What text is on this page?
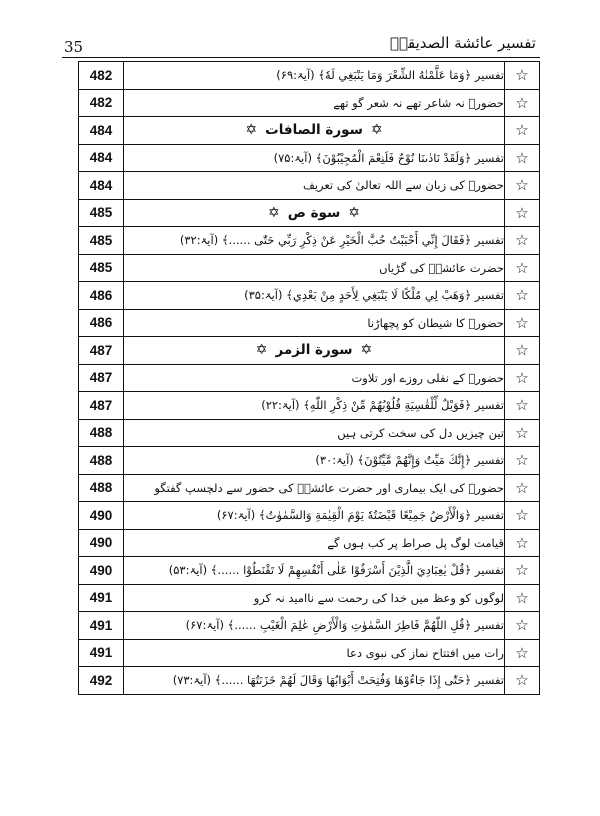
35	تفسیر عائشة الصدیقہؓ
482	تفسیر ﴿وَمَا عَلَّمْنٰهُ الشِّعْرَ وَمَا يَنْبَغِي لَهٗ﴾ (آیۃ:۶۹)	☆
482	حضورؐ نہ شاعر تھے نہ شعر گو تھے	☆
484	✡سورة الصافات✡	☆
484	تفسیر ﴿وَلَقَدْ نَادٰىنَا نُوْحٌ فَلَنِعْمَ الْمُجِيْبُوْنَ﴾ (آیۃ:۷۵)	☆
484	حضورؐ کی زبان سے اللہ تعالیٰ کی تعریف	☆
485	✡سوة ص✡	☆
485	تفسیر ﴿فَقَالَ إِنِّي أَحْبَبْتُ حُبَّ الْخَيْرِ عَنْ ذِكْرِ رَبِّي حَتّٰى ......﴾ (آیۃ:۳۲)	☆
485	حضرت عائشہؓ کی گڑیاں	☆
486	تفسیر ﴿وَهَبْ لِي مُلْكًا لَا يَنْبَغِي لِأَحَدٍ مِنْ بَعْدِي﴾ (آیۃ:۳۵)	☆
486	حضورؐ کا شیطان کو پچھاڑنا	☆
487	✡سورة الزمر✡	☆
487	حضورؐ کے نفلی روزے اور تلاوت	☆
487	تفسیر ﴿فَوَيْلٌ لِّلْقٰسِيَةِ قُلُوْبُهُمْ مِّنْ ذِكْرِ اللّٰهِ﴾ (آیۃ:۲۲)	☆
488	تین چیزیں دل کی سخت کرتی ہیں	☆
488	تفسیر ﴿إِنَّكَ مَيِّتٌ وَإِنَّهُمْ مَّيِّتُوْنَ﴾ (آیۃ:۳۰)	☆
488	حضورؐ کی ایک بیماری اور حضرت عائشہؓ کی حضور سے دلچسپ گفتگو	☆
490	تفسیر ﴿وَالْأَرْضُ جَمِيْعًا قَبْضَتُهٗ يَوْمَ الْقِيٰمَةِ وَالسَّمٰوٰتُ﴾ (آیۃ:۶۷)	☆
490	قیامت لوگ پل صراط پر کب ہوں گے	☆
490	تفسیر ﴿قُلْ يٰعِبَادِيَ الَّذِيْنَ أَسْرَفُوْا عَلٰى أَنْفُسِهِمْ لَا تَقْنَطُوْا ......﴾ (آیۃ:۵۳)	☆
491	لوگوں کو وعظ میں خدا کی رحمت سے ناامید نہ کرو	☆
491	تفسیر ﴿قُلِ اللّٰهُمَّ فَاطِرَ السَّمٰوٰتِ وَالْأَرْضِ عٰلِمَ الْغَيْبِ ......﴾ (آیۃ:۶۷)	☆
491	رات میں افتتاح نماز کی نبوی دعا	☆
492	تفسیر ﴿حَتّٰى إِذَا جَاءُوْهَا وَفُتِحَتْ أَبْوَابُهَا وَقَالَ لَهُمْ خَزَنَتُهَا ......﴾ (آیۃ:۷۳)	☆
